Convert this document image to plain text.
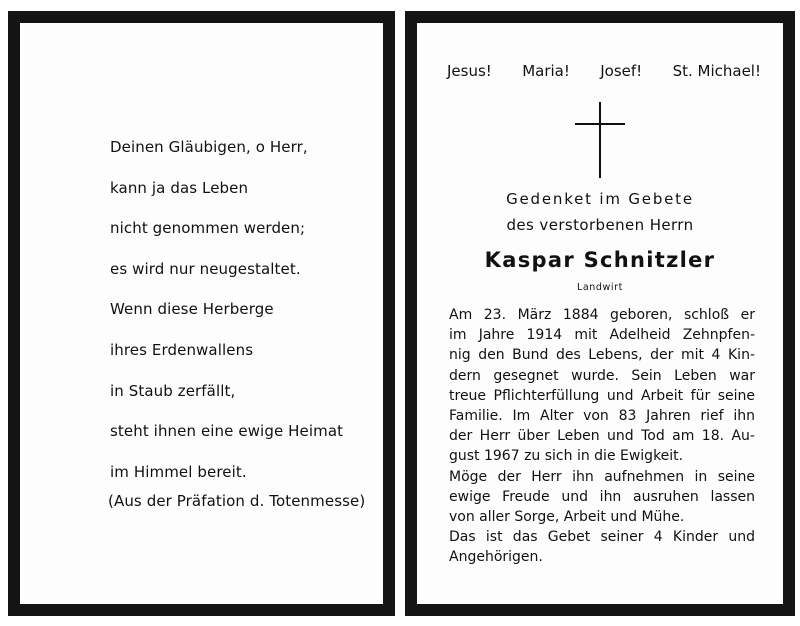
Deinen Gläubigen, o Herr,
kann ja das Leben
nicht genommen werden;
es wird nur neugestaltet.
Wenn diese Herberge
ihres Erdenwallens
in Staub zerfällt,
steht ihnen eine ewige Heimat
im Himmel bereit.
(Aus der Präfation d. Totenmesse)
Jesus! Maria! Josef! St. Michael!
Gedenket im Gebete
des verstorbenen Herrn
Kaspar Schnitzler
Landwirt
Am 23. März 1884 geboren, schloß er
im Jahre 1914 mit Adelheid Zehnpfen-
nig den Bund des Lebens, der mit 4 Kin-
dern gesegnet wurde. Sein Leben war
treue Pflichterfüllung und Arbeit für seine
Familie. Im Alter von 83 Jahren rief ihn
der Herr über Leben und Tod am 18. Au-
gust 1967 zu sich in die Ewigkeit.
Möge der Herr ihn aufnehmen in seine
ewige Freude und ihn ausruhen lassen
von aller Sorge, Arbeit und Mühe.
Das ist das Gebet seiner 4 Kinder und
Angehörigen.
